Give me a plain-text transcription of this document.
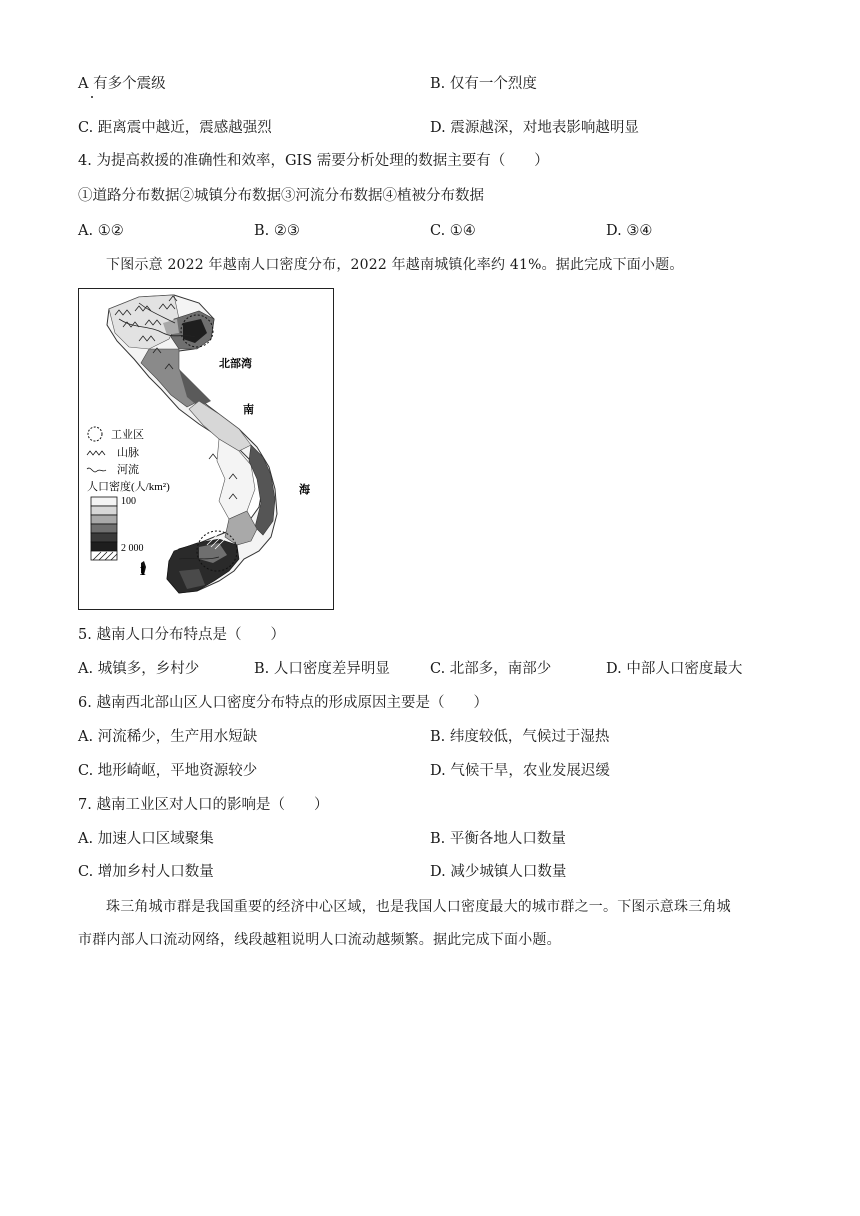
A 有多个震级	B. 仅有一个烈度
C. 距离震中越近，震感越强烈	D. 震源越深，对地表影响越明显
4. 为提高救援的准确性和效率，GIS 需要分析处理的数据主要有（　　）
①道路分布数据②城镇分布数据③河流分布数据④植被分布数据
A. ①②	B. ②③	C. ①④	D. ③④
下图示意 2022 年越南人口密度分布，2022 年越南城镇化率约 41%。据此完成下面小题。
北部湾
南
海
工业区
山脉
河流
人口密度(人/km²)
100
2 000
1
5. 越南人口分布特点是（　　）
A. 城镇多，乡村少	B. 人口密度差异明显	C. 北部多，南部少	D. 中部人口密度最大
6. 越南西北部山区人口密度分布特点的形成原因主要是（　　）
A. 河流稀少，生产用水短缺	B. 纬度较低，气候过于湿热
C. 地形崎岖，平地资源较少	D. 气候干旱，农业发展迟缓
7. 越南工业区对人口的影响是（　　）
A. 加速人口区域聚集	B. 平衡各地人口数量
C. 增加乡村人口数量	D. 减少城镇人口数量
珠三角城市群是我国重要的经济中心区域，也是我国人口密度最大的城市群之一。下图示意珠三角城
市群内部人口流动网络，线段越粗说明人口流动越频繁。据此完成下面小题。
